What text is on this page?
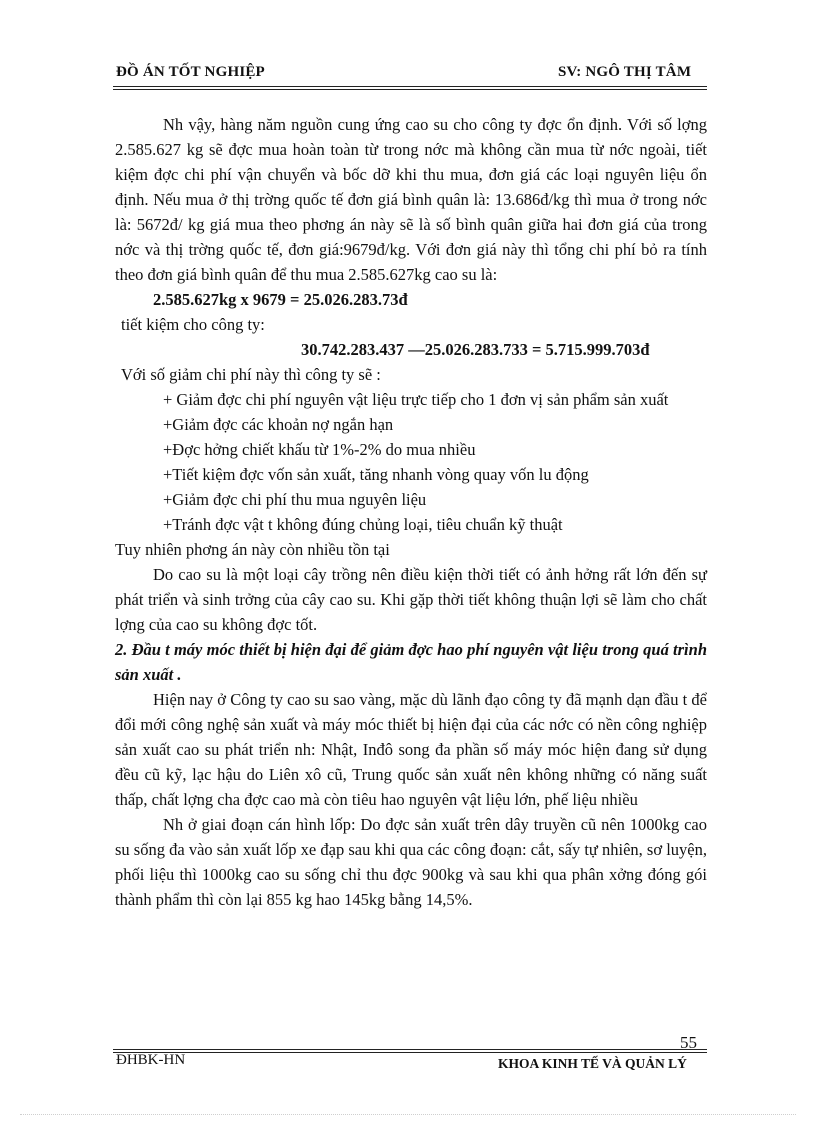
ĐỒ ÁN TỐT NGHIỆP	SV: NGÔ THỊ TÂM

Nh vậy, hàng năm nguồn cung ứng cao su cho công ty đợc ổn định. Với số lợng 2.585.627 kg sẽ đợc mua hoàn toàn từ trong nớc mà không cần mua từ nớc ngoài, tiết kiệm đợc chi phí vận chuyển và bốc dỡ khi thu mua, đơn giá các loại nguyên liệu ổn định. Nếu mua ở thị trờng quốc tế đơn giá bình quân là: 13.686đ/kg thì mua ở trong nớc là: 5672đ/ kg giá mua theo phơng án này sẽ là số bình quân giữa hai đơn giá của trong nớc và thị trờng quốc tế, đơn giá:9679đ/kg. Với đơn giá này thì tổng chi phí bỏ ra tính theo đơn giá bình quân để thu mua 2.585.627kg cao su là:

2.585.627kg x 9679 = 25.026.283.73đ

tiết kiệm cho công ty:

30.742.283.437 —25.026.283.733 = 5.715.999.703đ

Với số giảm chi phí này thì công ty sẽ :

+ Giảm đợc chi phí nguyên vật liệu trực tiếp cho 1 đơn vị sản phẩm sản xuất

+Giảm đợc các khoản nợ ngắn hạn

+Đợc hởng chiết khấu từ 1%-2% do mua nhiều

+Tiết kiệm đợc vốn sản xuất, tăng nhanh vòng quay vốn lu động

+Giảm đợc chi phí thu mua nguyên liệu

+Tránh đợc vật t không đúng chủng loại, tiêu chuẩn kỹ thuật

Tuy nhiên phơng án này còn nhiều tồn tại

Do cao su là một loại cây trồng nên điều kiện thời tiết có ảnh hởng rất lớn đến sự phát triển và sinh trởng của cây cao su. Khi gặp thời tiết không thuận lợi sẽ làm cho chất lợng của cao su không đợc tốt.

2. Đầu t máy móc thiết bị hiện đại để giảm đợc hao phí nguyên vật liệu trong quá trình sản xuất .

Hiện nay ở Công ty cao su sao vàng, mặc dù lãnh đạo công ty đã mạnh dạn đầu t để đổi mới công nghệ sản xuất và máy móc thiết bị hiện đại của các nớc có nền công nghiệp sản xuất cao su phát triển nh: Nhật, Inđô song đa phần số máy móc hiện đang sử dụng đều cũ kỹ, lạc hậu do Liên xô cũ, Trung quốc sản xuất nên không những có năng suất thấp, chất lợng cha đợc cao mà còn tiêu hao nguyên vật liệu lớn, phế liệu nhiều

Nh ở giai đoạn cán hình lốp: Do đợc sản xuất trên dây truyền cũ nên 1000kg cao su sống đa vào sản xuất lốp xe đạp sau khi qua các công đoạn: cắt, sấy tự nhiên, sơ luyện, phối liệu thì 1000kg cao su sống chỉ thu đợc 900kg và sau khi qua phân xởng đóng gói thành phẩm thì còn lại 855 kg hao 145kg bằng 14,5%.

55
ĐHBK-HN	KHOA KINH TẾ VÀ QUẢN LÝ
